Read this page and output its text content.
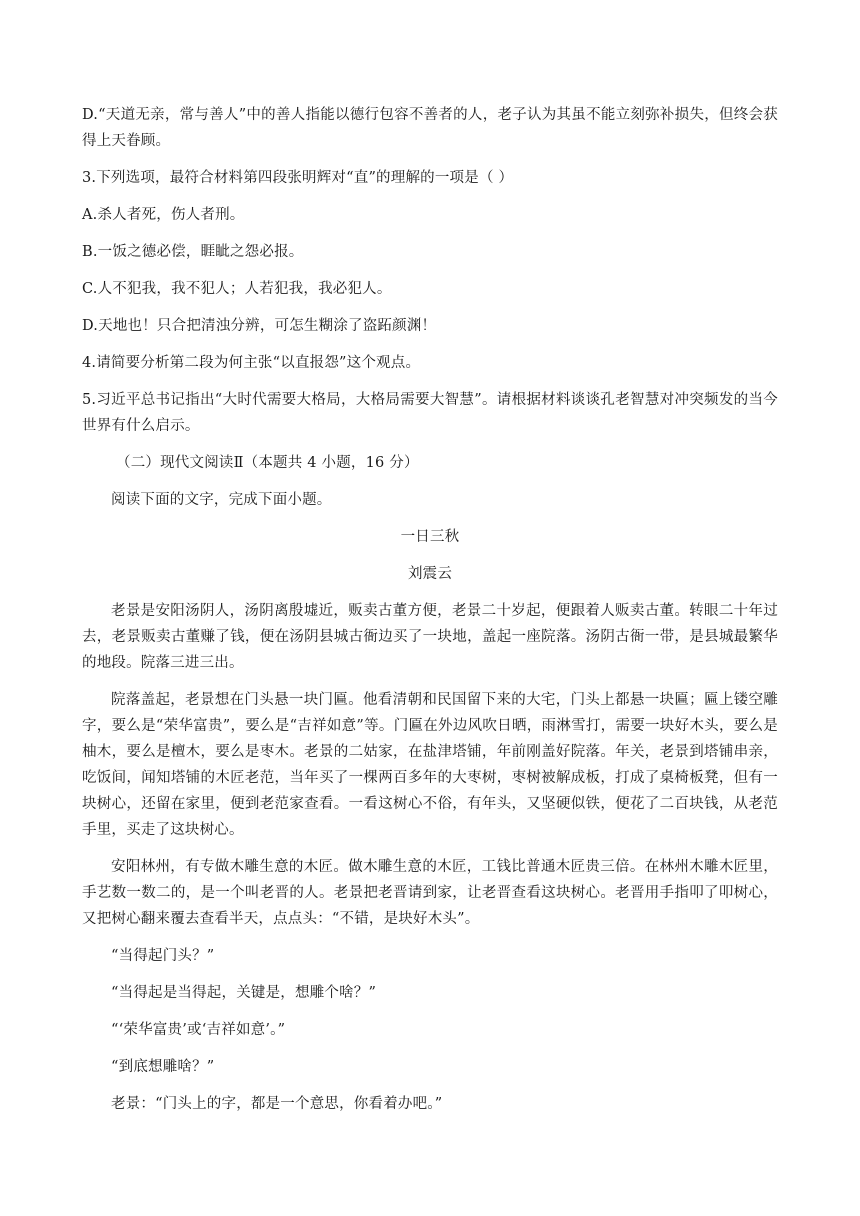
D.“天道无亲，常与善人”中的善人指能以德行包容不善者的人，老子认为其虽不能立刻弥补损失，但终会获得上天眷顾。

3.下列选项，最符合材料第四段张明辉对“直”的理解的一项是（ ）

A.杀人者死，伤人者刑。

B.一饭之德必偿，睚眦之怨必报。

C.人不犯我，我不犯人；人若犯我，我必犯人。

D.天地也！只合把清浊分辨，可怎生糊涂了盗跖颜渊！

4.请简要分析第二段为何主张“以直报怨”这个观点。

5.习近平总书记指出“大时代需要大格局，大格局需要大智慧”。请根据材料谈谈孔老智慧对冲突频发的当今世界有什么启示。

（二）现代文阅读Ⅱ（本题共 4 小题，16 分）

阅读下面的文字，完成下面小题。

一日三秋

刘震云

老景是安阳汤阴人，汤阴离殷墟近，贩卖古董方便，老景二十岁起，便跟着人贩卖古董。转眼二十年过去，老景贩卖古董赚了钱，便在汤阴县城古衙边买了一块地，盖起一座院落。汤阴古衙一带，是县城最繁华的地段。院落三进三出。

院落盖起，老景想在门头悬一块门匾。他看清朝和民国留下来的大宅，门头上都悬一块匾；匾上镂空雕字，要么是“荣华富贵”，要么是“吉祥如意”等。门匾在外边风吹日晒，雨淋雪打，需要一块好木头，要么是柚木，要么是檀木，要么是枣木。老景的二姑家，在盐津塔铺，年前刚盖好院落。年关，老景到塔铺串亲，吃饭间，闻知塔铺的木匠老范，当年买了一棵两百多年的大枣树，枣树被解成板，打成了桌椅板凳，但有一块树心，还留在家里，便到老范家查看。一看这树心不俗，有年头，又坚硬似铁，便花了二百块钱，从老范手里，买走了这块树心。

安阳林州，有专做木雕生意的木匠。做木雕生意的木匠，工钱比普通木匠贵三倍。在林州木雕木匠里，手艺数一数二的，是一个叫老晋的人。老景把老晋请到家，让老晋查看这块树心。老晋用手指叩了叩树心，又把树心翻来覆去查看半天，点点头：“不错，是块好木头”。

“当得起门头？”

“当得起是当得起，关键是，想雕个啥？”

“‘荣华富贵’或‘吉祥如意’。”

“到底想雕啥？”

老景：“门头上的字，都是一个意思，你看着办吧。”
